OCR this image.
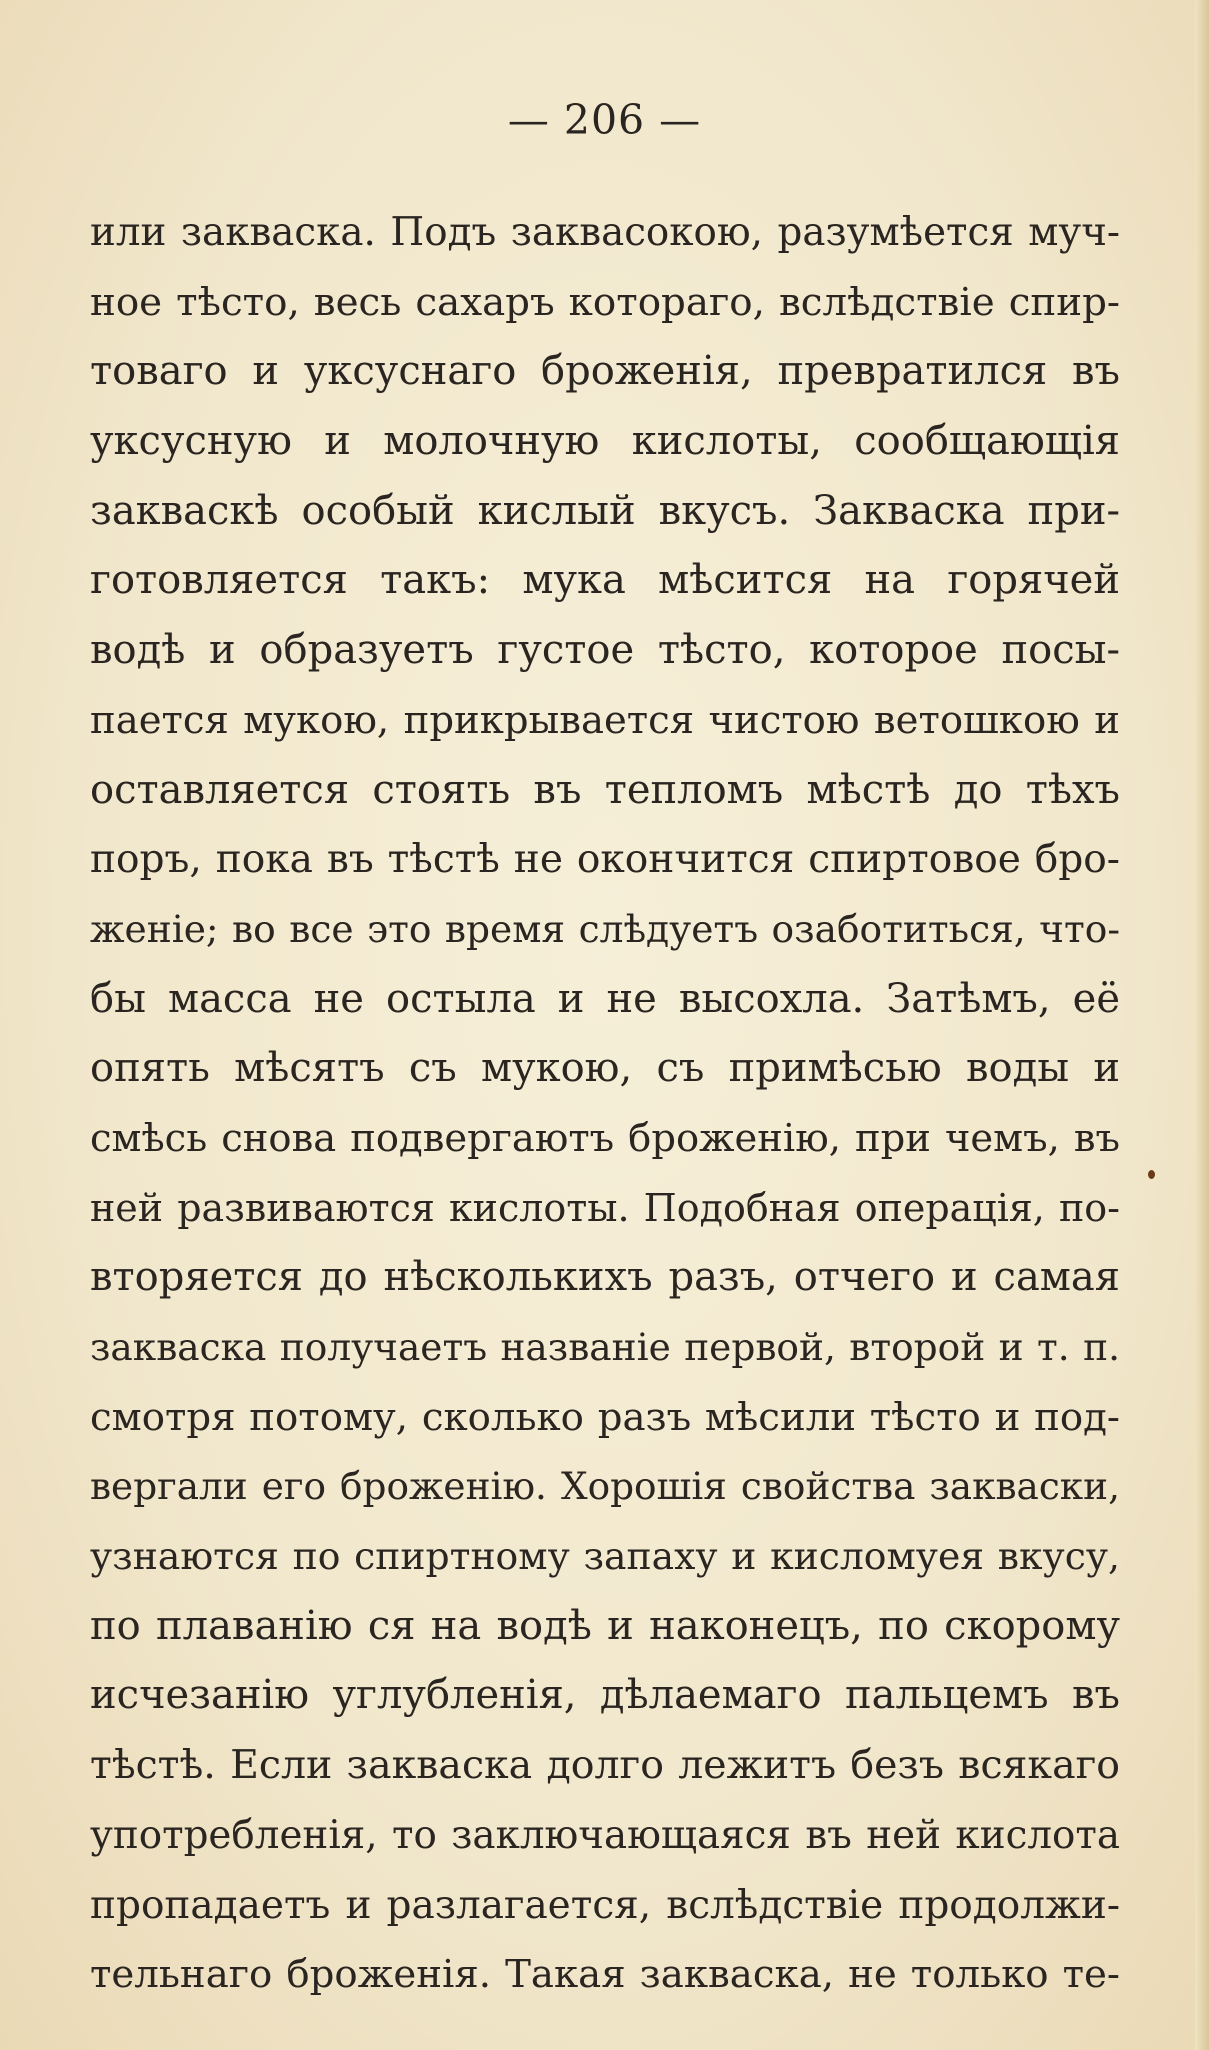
— 206 —
или закваска. Подъ заквасокою, разумѣется муч-
ное тѣсто, весь сахаръ котораго, вслѣдствіе спир-
товаго и уксуснаго броженія, превратился въ
уксусную и молочную кислоты, сообщающія
закваскѣ особый кислый вкусъ. Закваска при-
готовляется такъ: мука мѣсится на горячей
водѣ и образуетъ густое тѣсто, которое посы-
пается мукою, прикрывается чистою ветошкою и
оставляется стоять въ тепломъ мѣстѣ до тѣхъ
поръ, пока въ тѣстѣ не окончится спиртовое бро-
женіе; во все это время слѣдуетъ озаботиться, что-
бы масса не остыла и не высохла. Затѣмъ, её
опять мѣсятъ съ мукою, съ примѣсью воды и
смѣсь снова подвергаютъ броженію, при чемъ, въ
ней развиваются кислоты. Подобная операція, по-
вторяется до нѣсколькихъ разъ, отчего и самая
закваска получаетъ названіе первой, второй и т. п.
смотря потому, сколько разъ мѣсили тѣсто и под-
вергали его броженію. Хорошія свойства закваски,
узнаются по спиртному запаху и кисломуея вкусу,
по плаванію ся на водѣ и наконецъ, по скорому
исчезанію углубленія, дѣлаемаго пальцемъ въ
тѣстѣ. Если закваска долго лежитъ безъ всякаго
употребленія, то заключающаяся въ ней кислота
пропадаетъ и разлагается, вслѣдствіе продолжи-
тельнаго броженія. Такая закваска, не только те-
